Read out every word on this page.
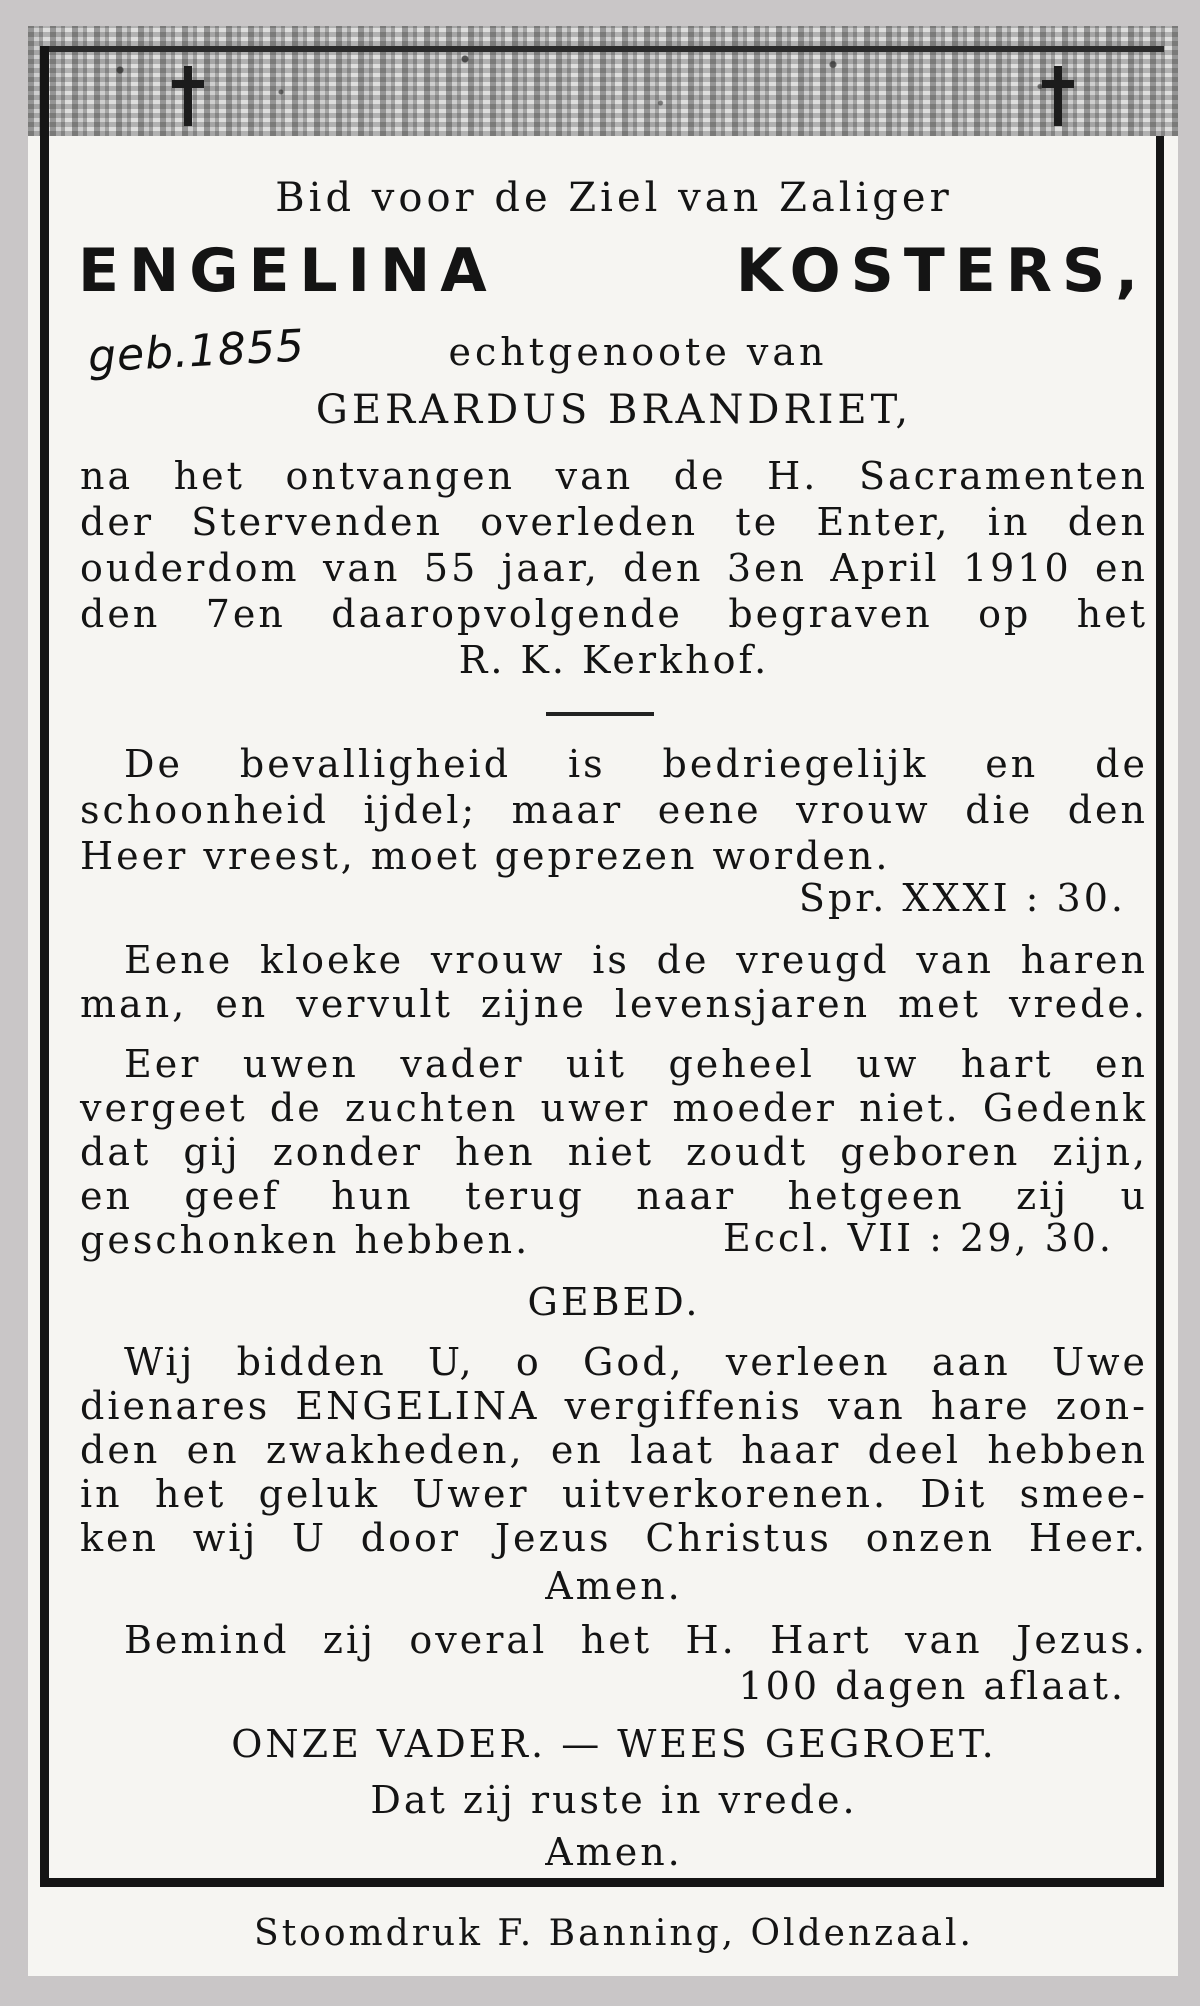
Bid voor de Ziel van Zaliger
ENGELINA KOSTERS,
geb.1855	echtgenoote van
GERARDUS BRANDRIET,
na het ontvangen van de H. Sacramenten
der Stervenden overleden te Enter, in den
ouderdom van 55 jaar, den 3en April 1910 en
den 7en daaropvolgende begraven op het
R. K. Kerkhof.
De bevalligheid is bedriegelijk en de
schoonheid ijdel; maar eene vrouw die den
Heer vreest, moet geprezen worden.
Spr. XXXI : 30.
Eene kloeke vrouw is de vreugd van haren
man, en vervult zijne levensjaren met vrede.
Eer uwen vader uit geheel uw hart en
vergeet de zuchten uwer moeder niet. Gedenk
dat gij zonder hen niet zoudt geboren zijn,
en geef hun terug naar hetgeen zij u
geschonken hebben.	Eccl. VII : 29, 30.
GEBED.
Wij bidden U, o God, verleen aan Uwe
dienares ENGELINA vergiffenis van hare zon-
den en zwakheden, en laat haar deel hebben
in het geluk Uwer uitverkorenen. Dit smee-
ken wij U door Jezus Christus onzen Heer.
Amen.
Bemind zij overal het H. Hart van Jezus.
100 dagen aflaat.
ONZE VADER. — WEES GEGROET.
Dat zij ruste in vrede.
Amen.
Stoomdruk F. Banning, Oldenzaal.
